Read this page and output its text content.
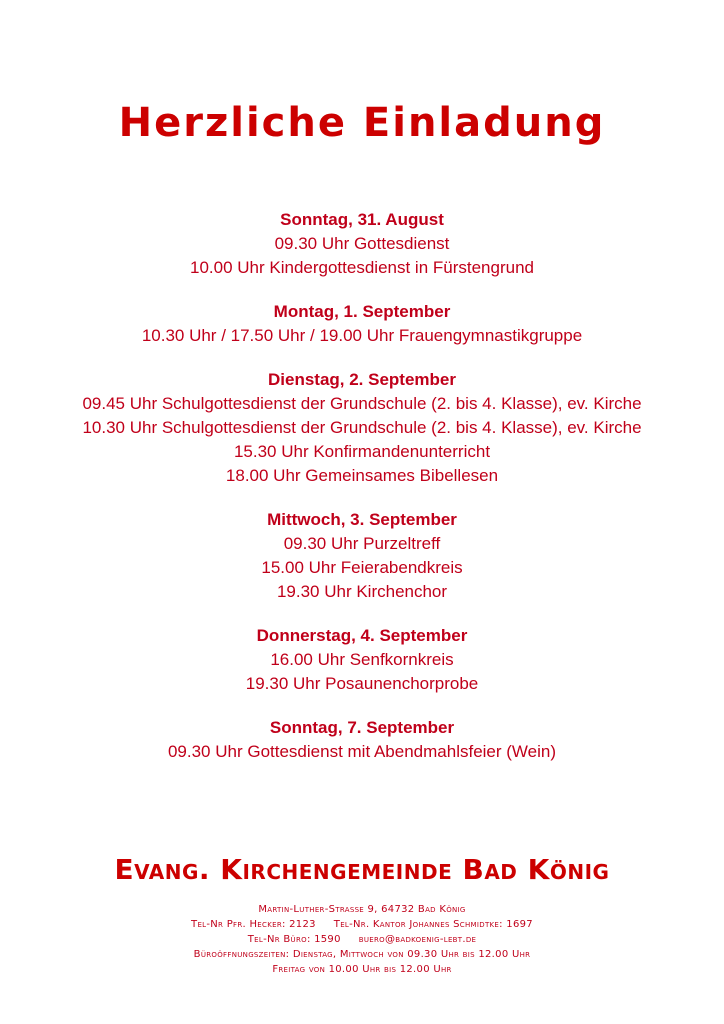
Herzliche Einladung
Sonntag, 31. August
09.30 Uhr Gottesdienst
10.00 Uhr Kindergottesdienst in Fürstengrund
Montag, 1. September
10.30 Uhr / 17.50 Uhr / 19.00 Uhr Frauengymnastikgruppe
Dienstag, 2. September
09.45 Uhr Schulgottesdienst der Grundschule (2. bis 4. Klasse), ev. Kirche
10.30 Uhr Schulgottesdienst der Grundschule (2. bis 4. Klasse), ev. Kirche
15.30 Uhr Konfirmandenunterricht
18.00 Uhr Gemeinsames Bibellesen
Mittwoch, 3. September
09.30 Uhr Purzeltreff
15.00 Uhr Feierabendkreis
19.30 Uhr Kirchenchor
Donnerstag, 4. September
16.00 Uhr Senfkornkreis
19.30 Uhr Posaunenchorprobe
Sonntag, 7. September
09.30 Uhr Gottesdienst mit Abendmahlsfeier (Wein)
Evang. Kirchengemeinde Bad König
Martin-Luther-Strasse 9, 64732 Bad König
Tel-Nr Pfr. Hecker: 2123 Tel-Nr. Kantor Johannes Schmidtke: 1697
Tel-Nr Büro: 1590 buero@badkoenig-lebt.de
Büroöffnungszeiten: Dienstag, Mittwoch von 09.30 Uhr bis 12.00 Uhr
Freitag von 10.00 Uhr bis 12.00 Uhr
